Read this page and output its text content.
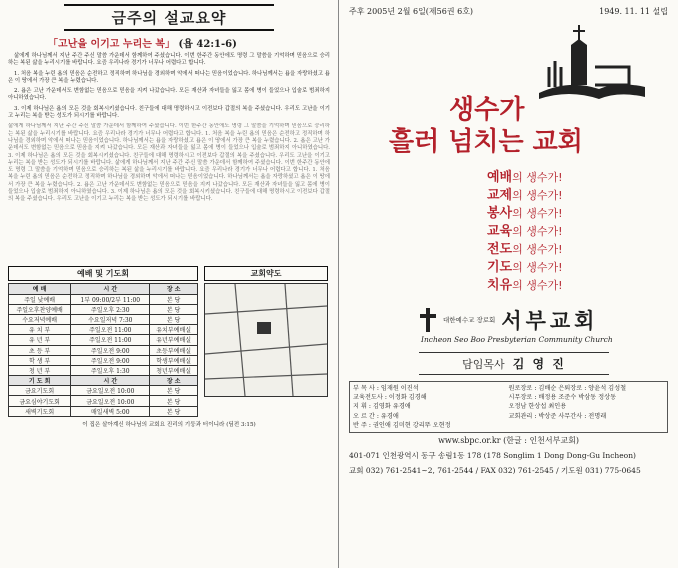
금주의 설교요약
「고난을 이기고 누리는 복」 (욥 42:1-6)

삶에게 하나님께서 지난 주간 주신 말씀 가운데서 함께하여 주셨습니다. 이번 한주간 동안에도 명령 그 말씀을 기억하며 믿음으로 승리하는 복된 삶을 누리시기를 바랍니다. 요즘 우리나라 경기가 너무나 어렵다고 합니다.

1. 처음 복을 누린 욥의 믿음은 순전하고 정직하며 하나님을 경외하며 악에서 떠나는 믿음이었습니다. 하나님께서는 욥을 자랑하셨고 욥은 이 땅에서 가장 큰 복을 누렸습니다.

2. 욥은 고난 가운데서도 변함없는 믿음으로 믿음을 지켜 나갔습니다. 모든 재산과 자녀들을 잃고 몸에 병이 들었으나 입술로 범죄하지 아니하였습니다.

3. 이제 하나님은 욥의 모든 것을 회복시키셨습니다. 친구들에 대해 명령하시고 이전보다 갑절의 복을 주셨습니다. 우리도 고난을 이기고 누리는 복을 받는 성도가 되시기를 바랍니다.

삶에게 하나님께서 지난 주간 주신 말씀 가운데서 함께하여 주셨습니다. 이번 한주간 동안에도 명령 그 말씀을 기억하며 믿음으로 승리하는 복된 삶을 누리시기를 바랍니다. 요즘 우리나라 경기가 너무나 어렵다고 합니다. 1. 처음 복을 누린 욥의 믿음은 순전하고 정직하며 하나님을 경외하며 악에서 떠나는 믿음이었습니다. 하나님께서는 욥을 자랑하셨고 욥은 이 땅에서 가장 큰 복을 누렸습니다. 2. 욥은 고난 가운데서도 변함없는 믿음으로 믿음을 지켜 나갔습니다. 모든 재산과 자녀들을 잃고 몸에 병이 들었으나 입술로 범죄하지 아니하였습니다. 3. 이제 하나님은 욥의 모든 것을 회복시키셨습니다. 친구들에 대해 명령하시고 이전보다 갑절의 복을 주셨습니다. 우리도 고난을 이기고 누리는 복을 받는 성도가 되시기를 바랍니다. 삶에게 하나님께서 지난 주간 주신 말씀 가운데서 함께하여 주셨습니다. 이번 한주간 동안에도 명령 그 말씀을 기억하며 믿음으로 승리하는 복된 삶을 누리시기를 바랍니다. 요즘 우리나라 경기가 너무나 어렵다고 합니다. 1. 처음 복을 누린 욥의 믿음은 순전하고 정직하며 하나님을 경외하며 악에서 떠나는 믿음이었습니다. 하나님께서는 욥을 자랑하셨고 욥은 이 땅에서 가장 큰 복을 누렸습니다. 2. 욥은 고난 가운데서도 변함없는 믿음으로 믿음을 지켜 나갔습니다. 모든 재산과 자녀들을 잃고 몸에 병이 들었으나 입술로 범죄하지 아니하였습니다. 3. 이제 하나님은 욥의 모든 것을 회복시키셨습니다. 친구들에 대해 명령하시고 이전보다 갑절의 복을 주셨습니다. 우리도 고난을 이기고 누리는 복을 받는 성도가 되시기를 바랍니다.
예배 및 기도회
예 배	시 간	장 소
주일 낮예배	1부 09:00/2부 11:00	본 당
주일오후찬양예배	주일오후 2:30	본 당
수요저녁예배	수요일저녁 7:30	본 당
유 치 부	주일오전 11:00	유치부예배실
유 년 부	주일오전 11:00	유년부예배실
초 등 부	주일오전 9:00	초등부예배실
학 생 부	주일오전 9:00	학생부예배실
청 년 부	주일오후 1:30	청년부예배실
기 도 회	시 간	장 소
금요기도회	금요일오전 10:00	본 당
금요심야기도회	금요일오전 10:00	본 당
새벽기도회	매일새벽 5:00	본 당
교회약도
이 집은 살아계신 하나님의 교회요 진리의 기둥과 터이니라 (딤전 3:15)
주후 2005년 2월 6일(제56권 6호)	1949. 11. 11 설립
생수가
흘러 넘치는 교회
예배의 생수가!
교제의 생수가!
봉사의 생수가!
교육의 생수가!
전도의 생수가!
기도의 생수가!
치유의 생수가!
대한예수교 장로회 서부교회
Incheon Seo Boo Presbyterian Community Church
담임목사 김 영 진
부 목 사 : 임재원 이진석
교육전도사 : 이정화 김경해
지 휘 : 김영화 유경애
오 르 간 : 유경애
반 주 : 권인애 김미현 강리뚜 오현정
원로장로 : 김배순 은퇴장로 : 양윤석 김성철
시무장로 : 배정용 조준수 박삼동 정상동
오정남 한상섭 최인용
교회관리 : 박상준 사무간사 : 전명래
www.sbpc.or.kr (한글 : 인천서부교회)
401-071 인천광역시 동구 송림1동 178 (178 Songlim 1 Dong Dong-Gu Incheon)
교회 032) 761-2541~2, 761-2544 / FAX 032) 761-2545 / 기도원 031) 775-0645
